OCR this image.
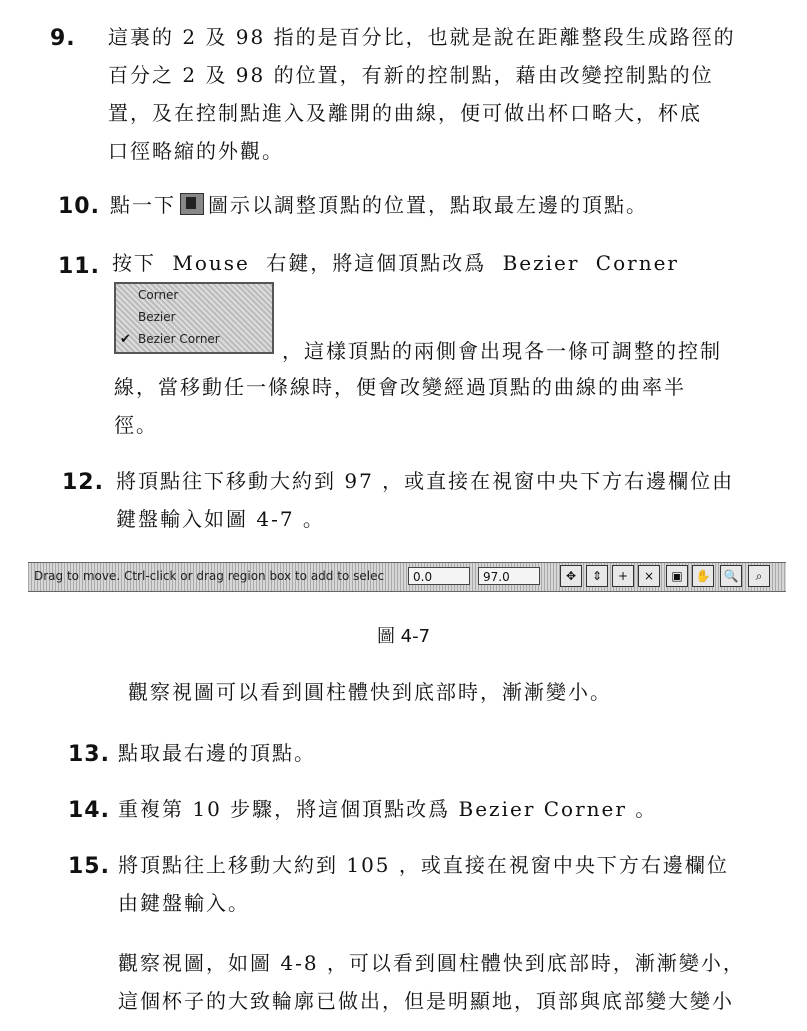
9.	這裏的 2 及 98 指的是百分比，也就是說在距離整段生成路徑的
百分之 2 及 98 的位置，有新的控制點，藉由改變控制點的位
置，及在控制點進入及離開的曲線，便可做出杯口略大，杯底
口徑略縮的外觀。
10. 點一下 圖示以調整頂點的位置，點取最左邊的頂點。
11. 按下 Mouse 右鍵，將這個頂點改爲 Bezier Corner
Corner
Bezier
✔ Bezier Corner	，這樣頂點的兩側會出現各一條可調整的控制
線，當移動任一條線時，便會改變經過頂點的曲線的曲率半
徑。
12. 將頂點往下移動大約到 97 ，或直接在視窗中央下方右邊欄位由
鍵盤輸入如圖 4-7 。
Drag to move. Ctrl-click or drag region box to add to selec	0.0	97.0	✥	⇕	+	×	▣	✋ 🔍	⌕
圖 4-7
觀察視圖可以看到圓柱體快到底部時，漸漸變小。
13. 點取最右邊的頂點。
14. 重複第 10 步驟，將這個頂點改爲 Bezier Corner 。
15. 將頂點往上移動大約到 105 ，或直接在視窗中央下方右邊欄位
由鍵盤輸入。
觀察視圖，如圖 4-8 ，可以看到圓柱體快到底部時，漸漸變小，
這個杯子的大致輪廓已做出，但是明顯地，頂部與底部變大變小
